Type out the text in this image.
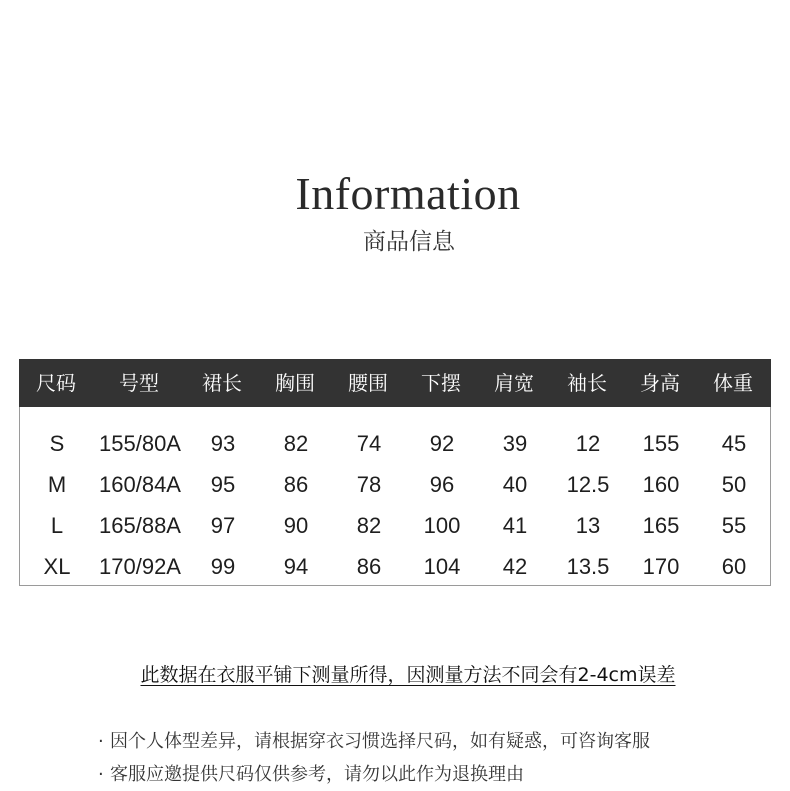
Information
商品信息
尺码 号型 裙长 胸围 腰围 下摆 肩宽 袖长 身高 体重
S 155/80A 93 82 74 92 39 12 155 45
M 160/84A 95 86 78 96 40 12.5 160 50
L 165/88A 97 90 82 100 41 13 165 55
XL 170/92A 99 94 86 104 42 13.5 170 60
此数据在衣服平铺下测量所得，因测量方法不同会有2-4cm误差
· 因个人体型差异，请根据穿衣习惯选择尺码，如有疑惑，可咨询客服
· 客服应邀提供尺码仅供参考，请勿以此作为退换理由
